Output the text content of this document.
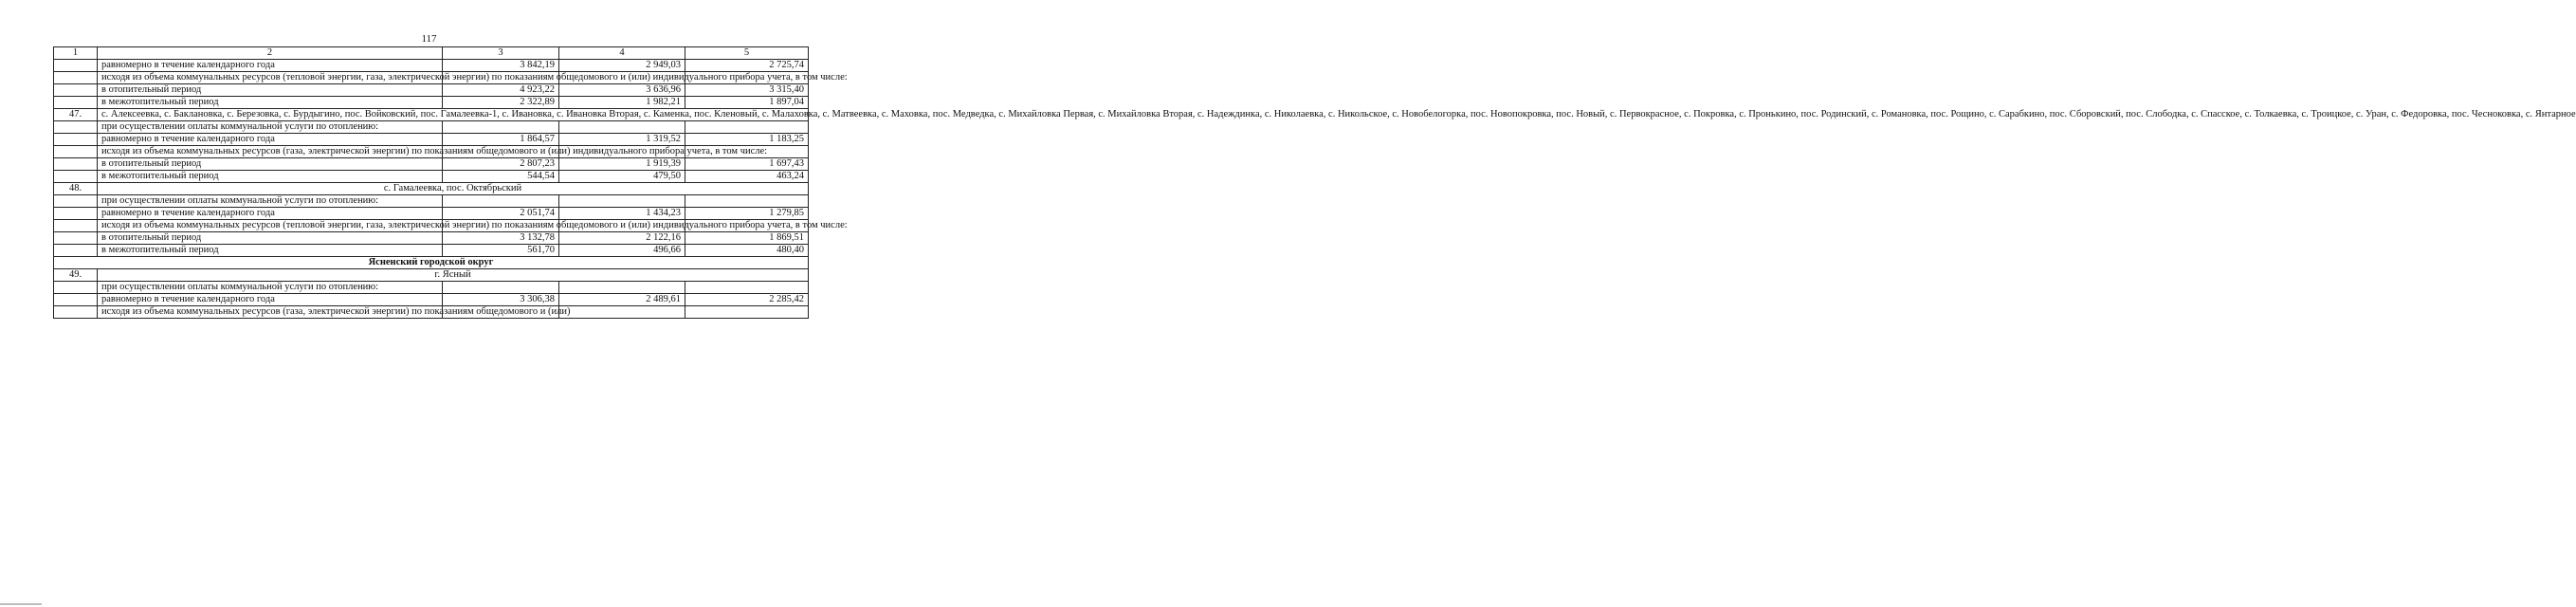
117
1	2	3	4	5
	равномерно в течение календарного года	3 842,19	2 949,03	2 725,74
	исходя из объема коммунальных ресурсов (тепловой энергии, газа, электрической энергии) по показаниям общедомового и (или) индивидуального прибора учета, в том числе:			
	в отопительный период	4 923,22	3 636,96	3 315,40
	в межотопительный период	2 322,89	1 982,21	1 897,04
47.	с. Алексеевка, с. Баклановка, с. Березовка, с. Бурдыгино, пос. Войковский, пос. Гамалеевка-1, с. Ивановка, с. Ивановка Вторая, с. Каменка, пос. Кленовый, с. Малаховка, с. Матвеевка, с. Маховка, пос. Медведка, с. Михайловка Первая, с. Михайловка Вторая, с. Надеждинка, с. Николаевка, с. Никольское, с. Новобелогорка, пос. Новопокровка, пос. Новый, с. Первокрасное, с. Покровка, с. Пронькино, пос. Родинский, с. Романовка, пос. Рощино, с. Сарабкино, пос. Сборовский, пос. Слободка, с. Спасское, с. Толкаевка, с. Троицкое, с. Уран, с. Федоровка, пос. Чесноковка, с. Янтарное			
	при осуществлении оплаты коммунальной услуги по отоплению:			
	равномерно в течение календарного года	1 864,57	1 319,52	1 183,25
	исходя из объема коммунальных ресурсов (газа, электрической энергии) по показаниям общедомового и (или) индивидуального прибора учета, в том числе:			
	в отопительный период	2 807,23	1 919,39	1 697,43
	в межотопительный период	544,54	479,50	463,24
48.	с. Гамалеевка, пос. Октябрьский			
	при осуществлении оплаты коммунальной услуги по отоплению:			
	равномерно в течение календарного года	2 051,74	1 434,23	1 279,85
	исходя из объема коммунальных ресурсов (тепловой энергии, газа, электрической энергии) по показаниям общедомового и (или) индивидуального прибора учета, в том числе:			
	в отопительный период	3 132,78	2 122,16	1 869,51
	в межотопительный период	561,70	496,66	480,40
Ясненский городской округ				
49.	г. Ясный			
	при осуществлении оплаты коммунальной услуги по отоплению:			
	равномерно в течение календарного года	3 306,38	2 489,61	2 285,42
	исходя из объема коммунальных ресурсов (газа, электрической энергии) по показаниям общедомового и (или)			
